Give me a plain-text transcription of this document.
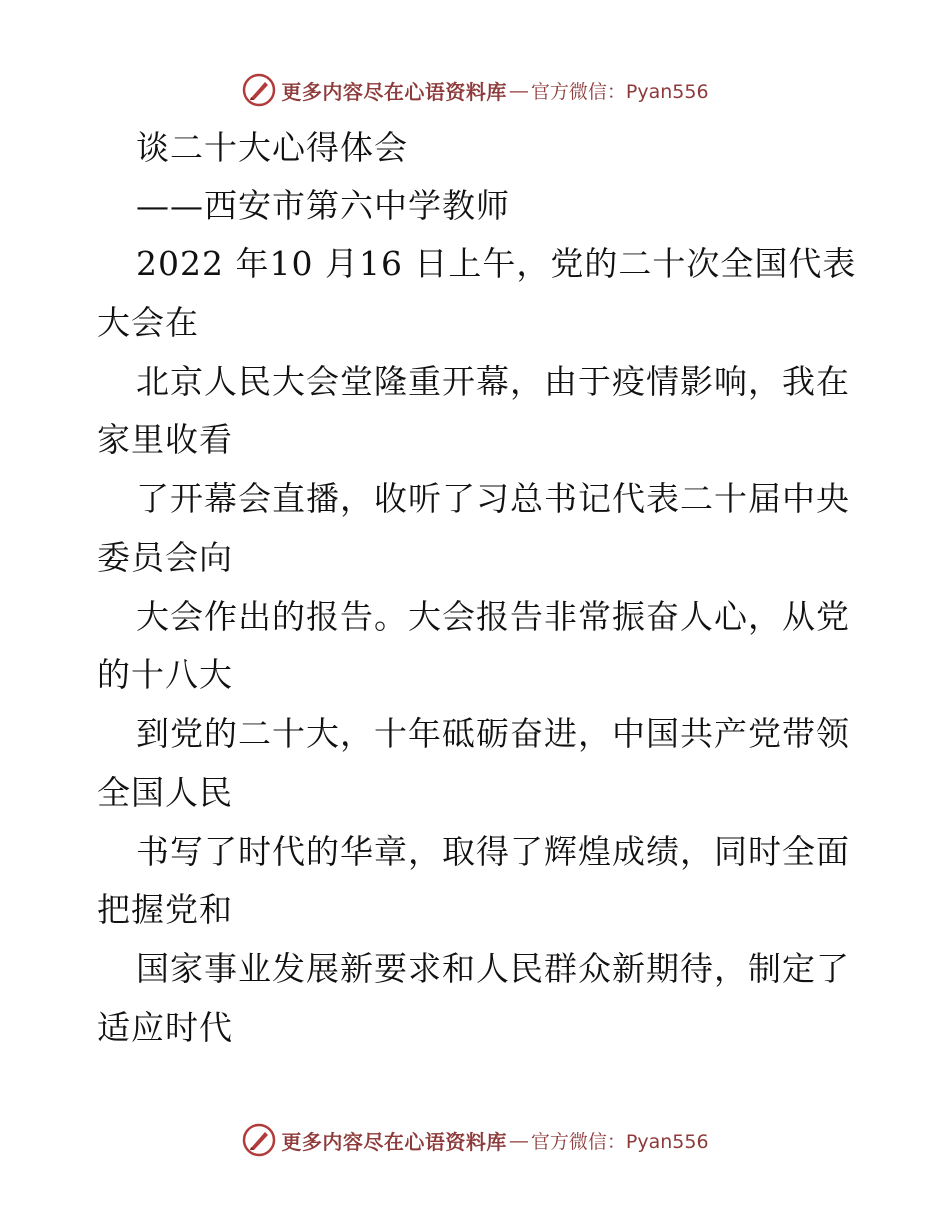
更多内容尽在心语资料库 — 官方微信：Pyan556
谈二十大心得体会
——西安市第六中学教师
2022 年10 月16 日上午，党的二十次全国代表
大会在
北京人民大会堂隆重开幕，由于疫情影响，我在
家里收看
了开幕会直播，收听了习总书记代表二十届中央
委员会向
大会作出的报告。大会报告非常振奋人心，从党
的十八大
到党的二十大，十年砥砺奋进，中国共产党带领
全国人民
书写了时代的华章，取得了辉煌成绩，同时全面
把握党和
国家事业发展新要求和人民群众新期待，制定了
适应时代
更多内容尽在心语资料库 — 官方微信：Pyan556
